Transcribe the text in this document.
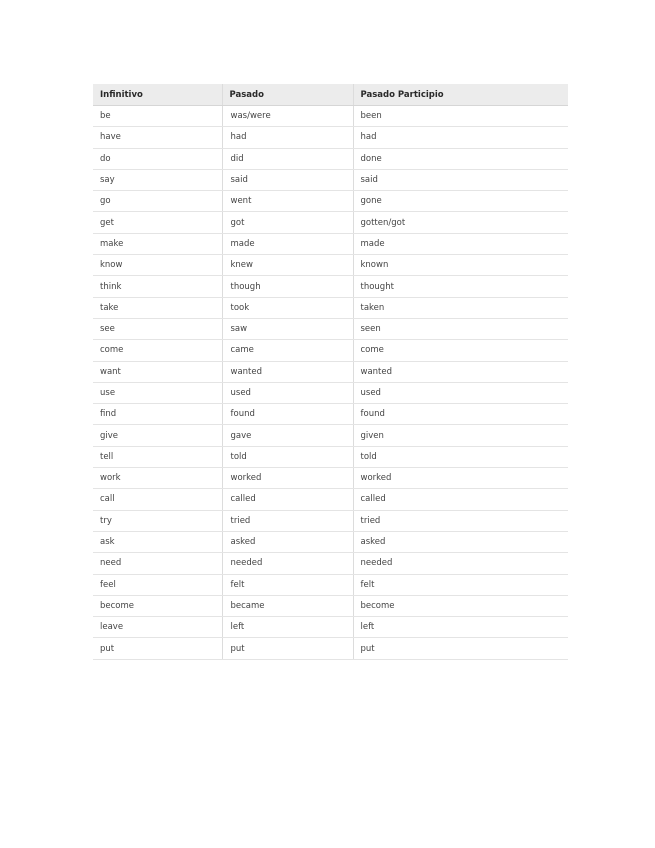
Infinitivo	Pasado	Pasado Participio
be	was/were	been
have	had	had
do	did	done
say	said	said
go	went	gone
get	got	gotten/got
make	made	made
know	knew	known
think	though	thought
take	took	taken
see	saw	seen
come	came	come
want	wanted	wanted
use	used	used
find	found	found
give	gave	given
tell	told	told
work	worked	worked
call	called	called
try	tried	tried
ask	asked	asked
need	needed	needed
feel	felt	felt
become	became	become
leave	left	left
put	put	put
